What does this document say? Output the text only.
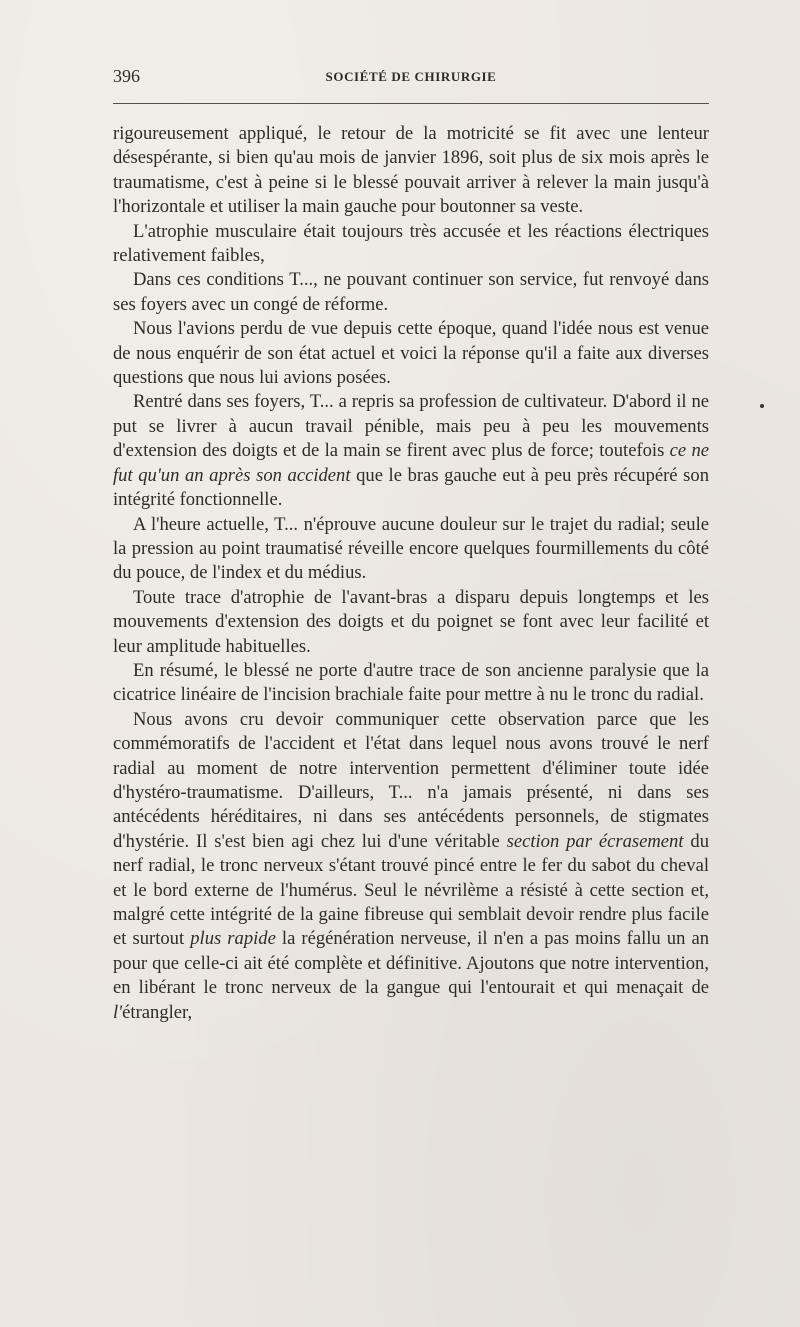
396	SOCIÉTÉ DE CHIRURGIE

rigoureusement appliqué, le retour de la motricité se fit avec une lenteur désespérante, si bien qu'au mois de janvier 1896, soit plus de six mois après le traumatisme, c'est à peine si le blessé pouvait arriver à relever la main jusqu'à l'horizontale et utiliser la main gauche pour boutonner sa veste.

L'atrophie musculaire était toujours très accusée et les réactions électriques relativement faibles,

Dans ces conditions T..., ne pouvant continuer son service, fut renvoyé dans ses foyers avec un congé de réforme.

Nous l'avions perdu de vue depuis cette époque, quand l'idée nous est venue de nous enquérir de son état actuel et voici la réponse qu'il a faite aux diverses questions que nous lui avions posées.

Rentré dans ses foyers, T... a repris sa profession de cultivateur. D'abord il ne put se livrer à aucun travail pénible, mais peu à peu les mouvements d'extension des doigts et de la main se firent avec plus de force; toutefois ce ne fut qu'un an après son accident que le bras gauche eut à peu près récupéré son intégrité fonctionnelle.

A l'heure actuelle, T... n'éprouve aucune douleur sur le trajet du radial; seule la pression au point traumatisé réveille encore quelques fourmillements du côté du pouce, de l'index et du médius.

Toute trace d'atrophie de l'avant-bras a disparu depuis longtemps et les mouvements d'extension des doigts et du poignet se font avec leur facilité et leur amplitude habituelles.

En résumé, le blessé ne porte d'autre trace de son ancienne paralysie que la cicatrice linéaire de l'incision brachiale faite pour mettre à nu le tronc du radial.

Nous avons cru devoir communiquer cette observation parce que les commémoratifs de l'accident et l'état dans lequel nous avons trouvé le nerf radial au moment de notre intervention permettent d'éliminer toute idée d'hystéro-traumatisme. D'ailleurs, T... n'a jamais présenté, ni dans ses antécédents héréditaires, ni dans ses antécédents personnels, de stigmates d'hystérie. Il s'est bien agi chez lui d'une véritable section par écrasement du nerf radial, le tronc nerveux s'étant trouvé pincé entre le fer du sabot du cheval et le bord externe de l'humérus. Seul le névrilème a résisté à cette section et, malgré cette intégrité de la gaine fibreuse qui semblait devoir rendre plus facile et surtout plus rapide la régénération nerveuse, il n'en a pas moins fallu un an pour que celle-ci ait été complète et définitive. Ajoutons que notre intervention, en libérant le tronc nerveux de la gangue qui l'entourait et qui menaçait de l'étrangler,
